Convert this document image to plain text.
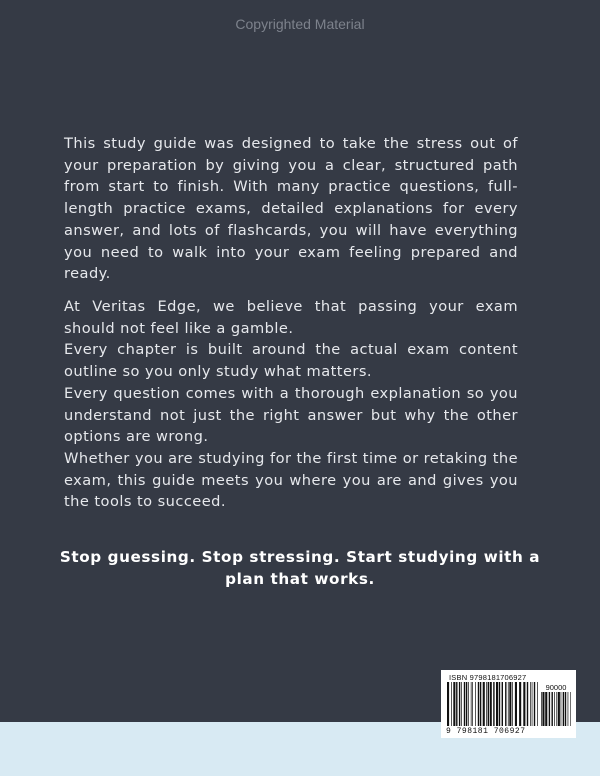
Copyrighted Material
This study guide was designed to take the stress out of your preparation by giving you a clear, structured path from start to finish. With many practice questions, full-length practice exams, detailed explanations for every answer, and lots of flashcards, you will have everything you need to walk into your exam feeling prepared and ready.
At Veritas Edge, we believe that passing your exam should not feel like a gamble.
Every chapter is built around the actual exam content outline so you only study what matters.
Every question comes with a thorough explanation so you understand not just the right answer but why the other options are wrong.
Whether you are studying for the first time or retaking the exam, this guide meets you where you are and gives you the tools to succeed.
Stop guessing. Stop stressing. Start studying with a plan that works.
ISBN 9798181706927
90000
9 798181 706927
